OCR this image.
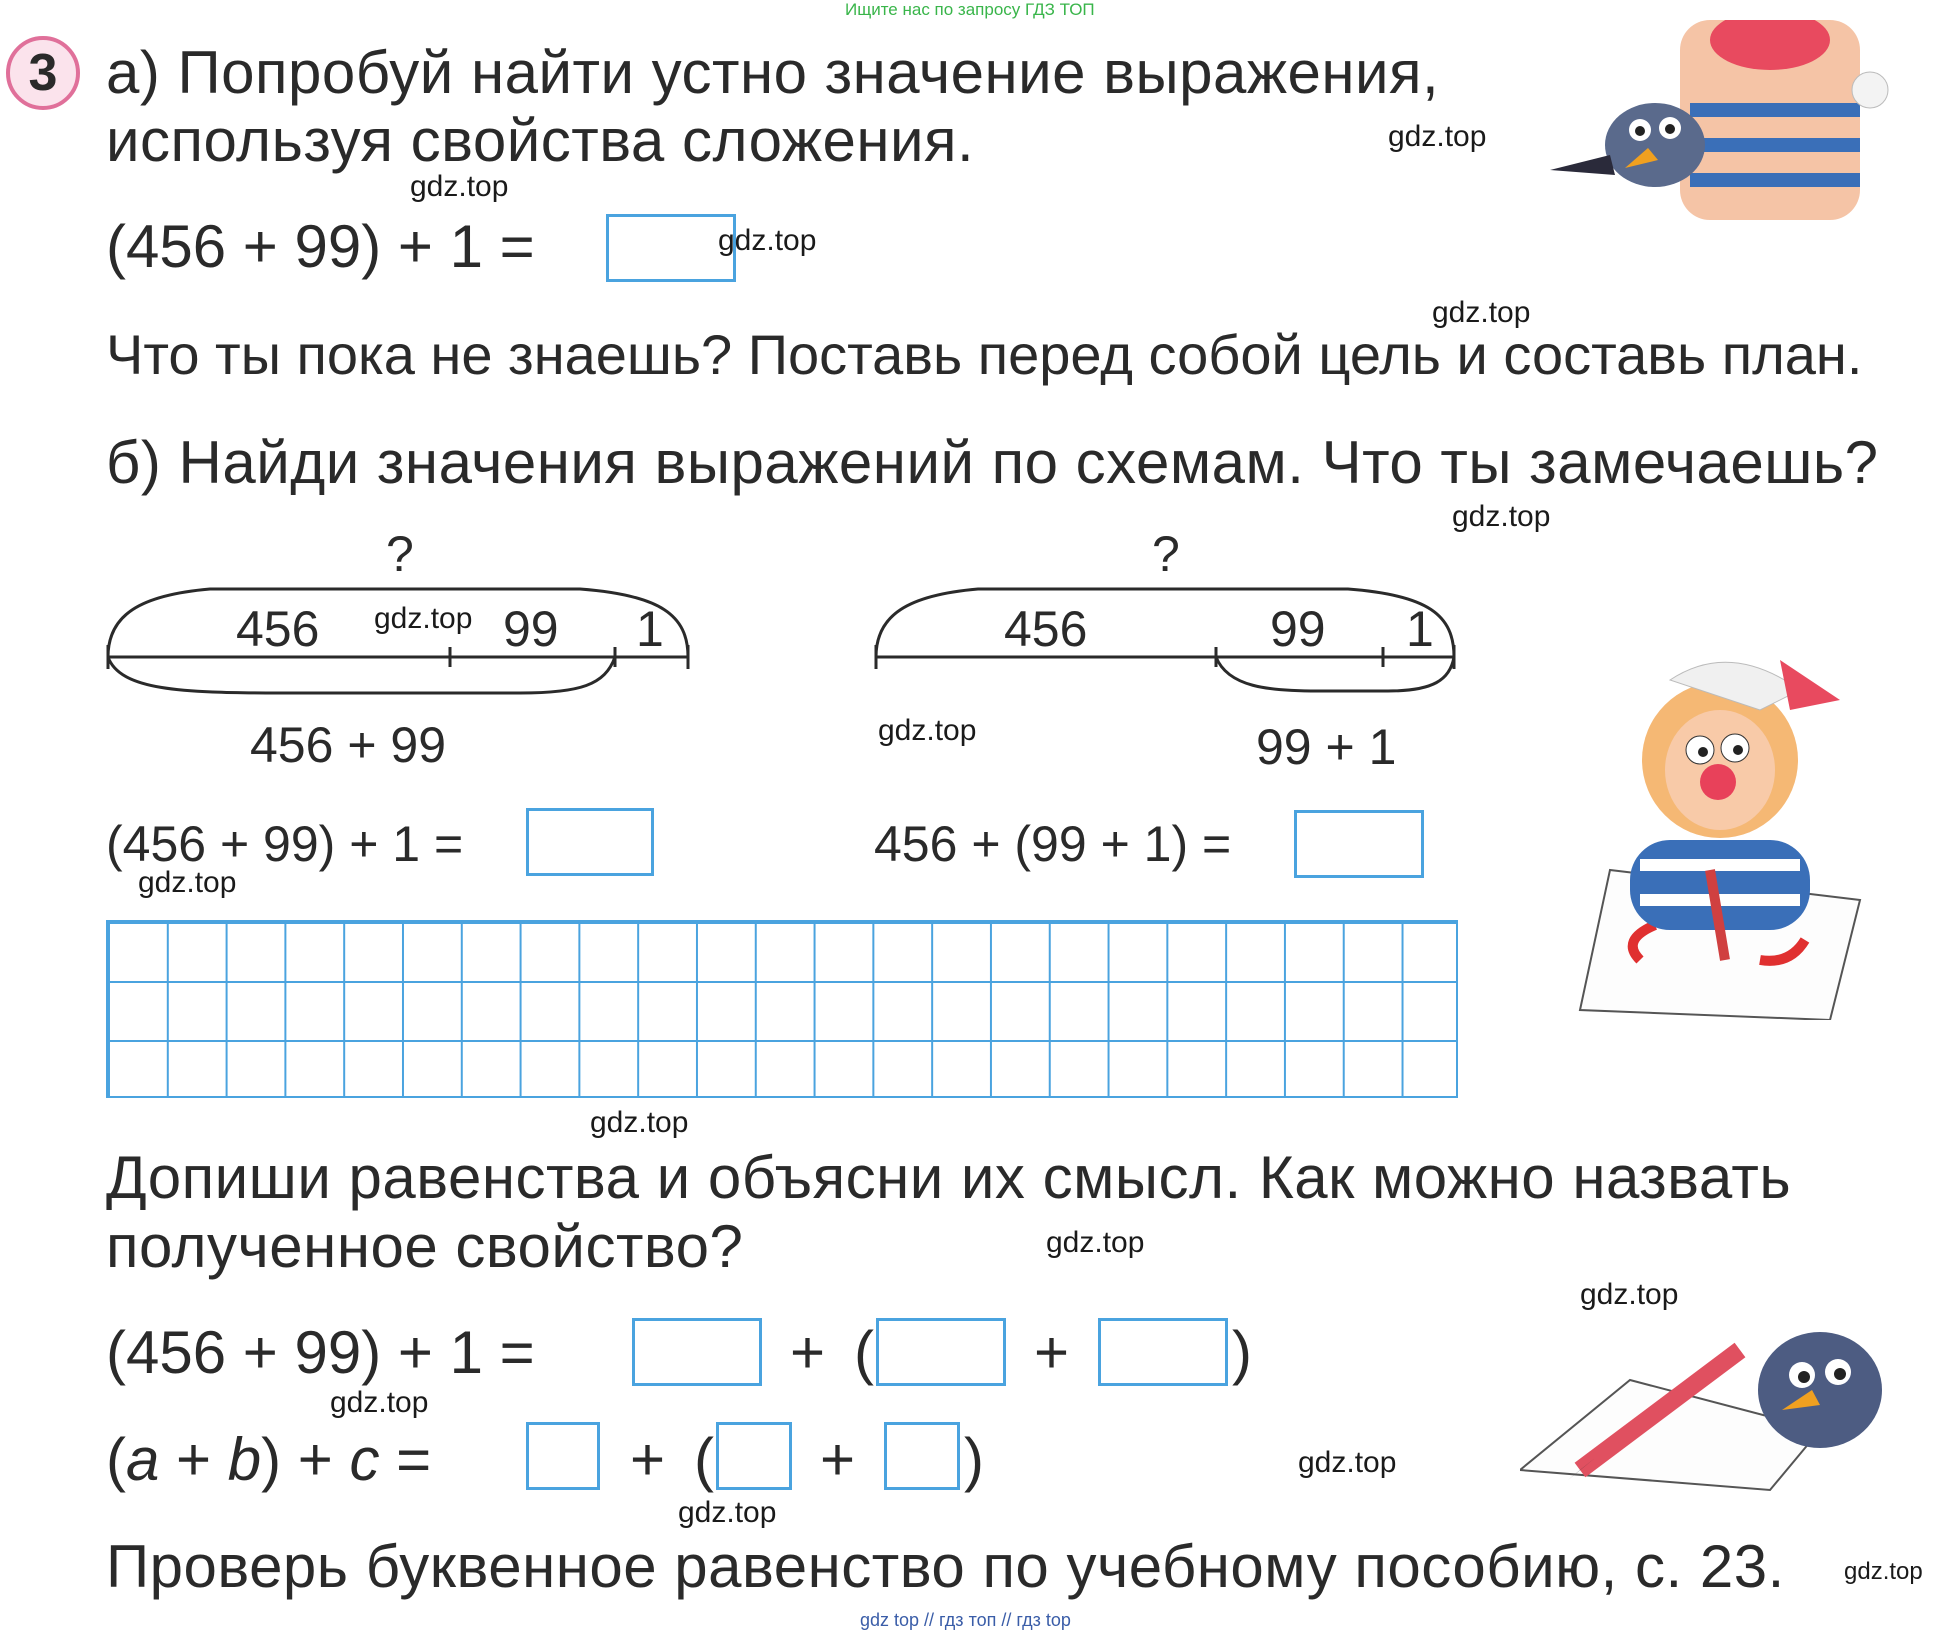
Ищите нас по запросу ГДЗ ТОП
3 а) Попробуй найти устно значение выражения,
используя свойства сложения.
(456 + 99) + 1 =
Что ты пока не знаешь? Поставь перед собой цель и составь план.
б) Найди значения выражений по схемам. Что ты замечаешь?
?
456	99 1
456 + 99
(456 + 99) + 1 =
?
456	99 1
99 + 1
456 + (99 + 1) =
Допиши равенства и объясни их смысл. Как можно назвать
полученное свойство?
(456 + 99) + 1 =	+ (	+	)
(a + b) + c =	+ ( + )
Проверь буквенное равенство по учебному пособию, с. 23.
gdz.top
gdz.top
gdz.top
gdz.top
gdz.top
gdz.top
gdz.top
gdz.top
gdz.top
gdz.top
gdz.top
gdz.top
gdz.top
gdz.top
gdz.top
gdz top // гдз топ // гдз top
